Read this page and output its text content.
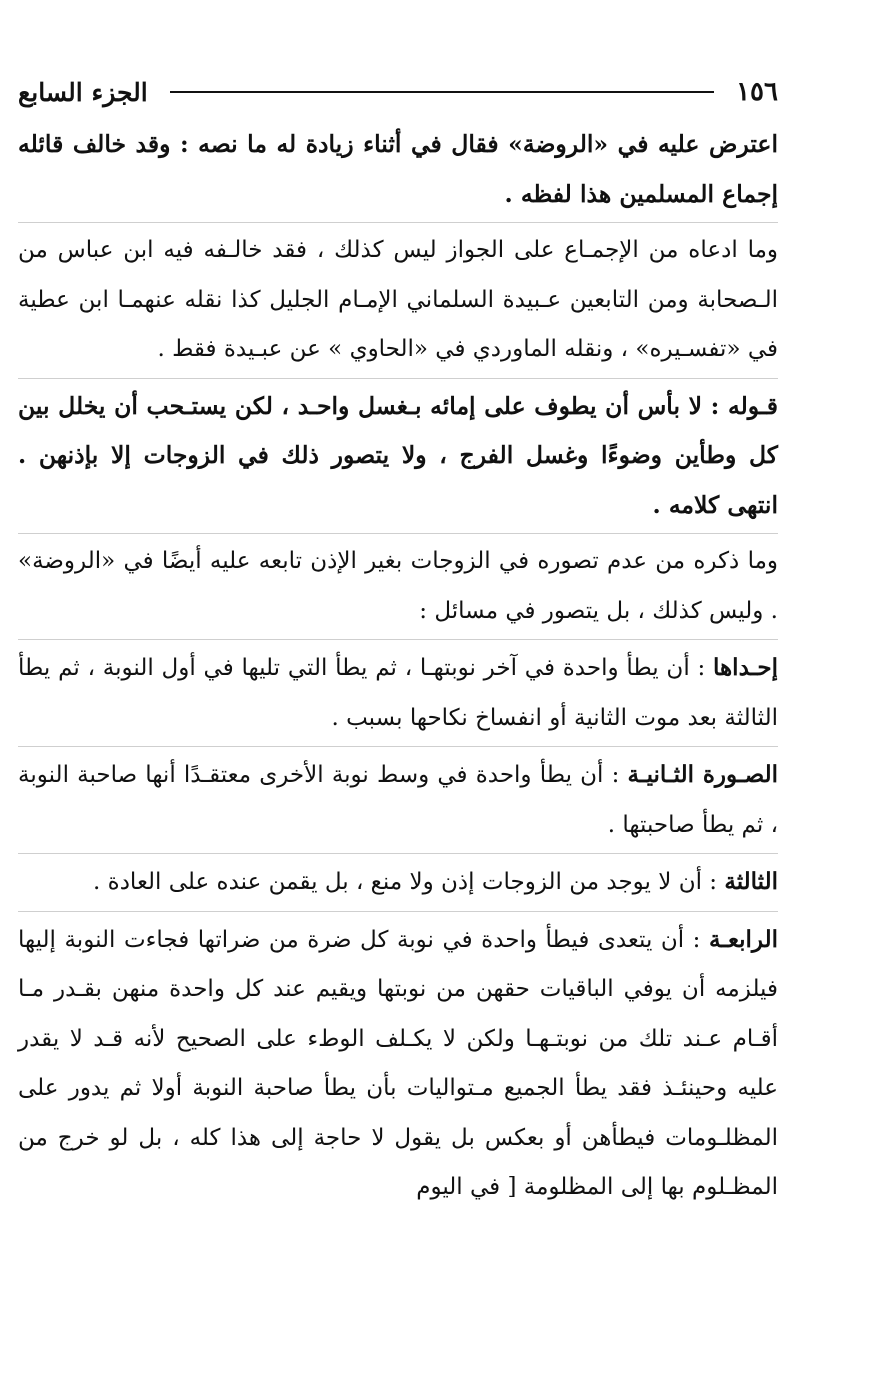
١٥٦
الجزء السابع

اعترض عليه في «الروضة» فقال في أثناء زيادة له ما نصه : وقد خالف قائله إجماع المسلمين هذا لفظه .

وما ادعاه من الإجمـاع على الجواز ليس كذلك ، فقد خالـفه فيه ابن عباس من الـصحابة ومن التابعين عـبيدة السلماني الإمـام الجليل كذا نقله عنهمـا ابن عطية في «تفسـيره» ، ونقله الماوردي في «الحاوي » عن عبـيدة فقط .

قـوله : لا بأس أن يطوف على إمائه بـغسل واحـد ، لكن يستـحب أن يخلل بين كل وطأين وضوءًا وغسل الفرج ، ولا يتصور ذلك في الزوجات إلا بإذنهن . انتهى كلامه .

وما ذكره من عدم تصوره في الزوجات بغير الإذن تابعه عليه أيضًا في «الروضة» . وليس كذلك ، بل يتصور في مسائل :

إحـداها : أن يطأ واحدة في آخر نوبتهـا ، ثم يطأ التي تليها في أول النوبة ، ثم يطأ الثالثة بعد موت الثانية أو انفساخ نكاحها بسبب .

الصـورة الثـانيـة : أن يطأ واحدة في وسط نوبة الأخرى معتقـدًا أنها صاحبة النوبة ، ثم يطأ صاحبتها .

الثالثة : أن لا يوجد من الزوجات إذن ولا منع ، بل يقمن عنده على العادة .

الرابعـة : أن يتعدى فيطأ واحدة في نوبة كل ضرة من ضراتها فجاءت النوبة إليها فيلزمه أن يوفي الباقيات حقهن من نوبتها ويقيم عند كل واحدة منهن بقـدر مـا أقـام عـند تلك من نوبتـهـا ولكن لا يكـلف الوطء على الصحيح لأنه قـد لا يقدر عليه وحينئـذ فقد يطأ الجميع مـتواليات بأن يطأ صاحبة النوبة أولا ثم يدور على المظلـومات فيطأهن أو بعكس بل يقول لا حاجة إلى هذا كله ، بل لو خرج من المظـلوم بها إلى المظلومة [ في اليوم
